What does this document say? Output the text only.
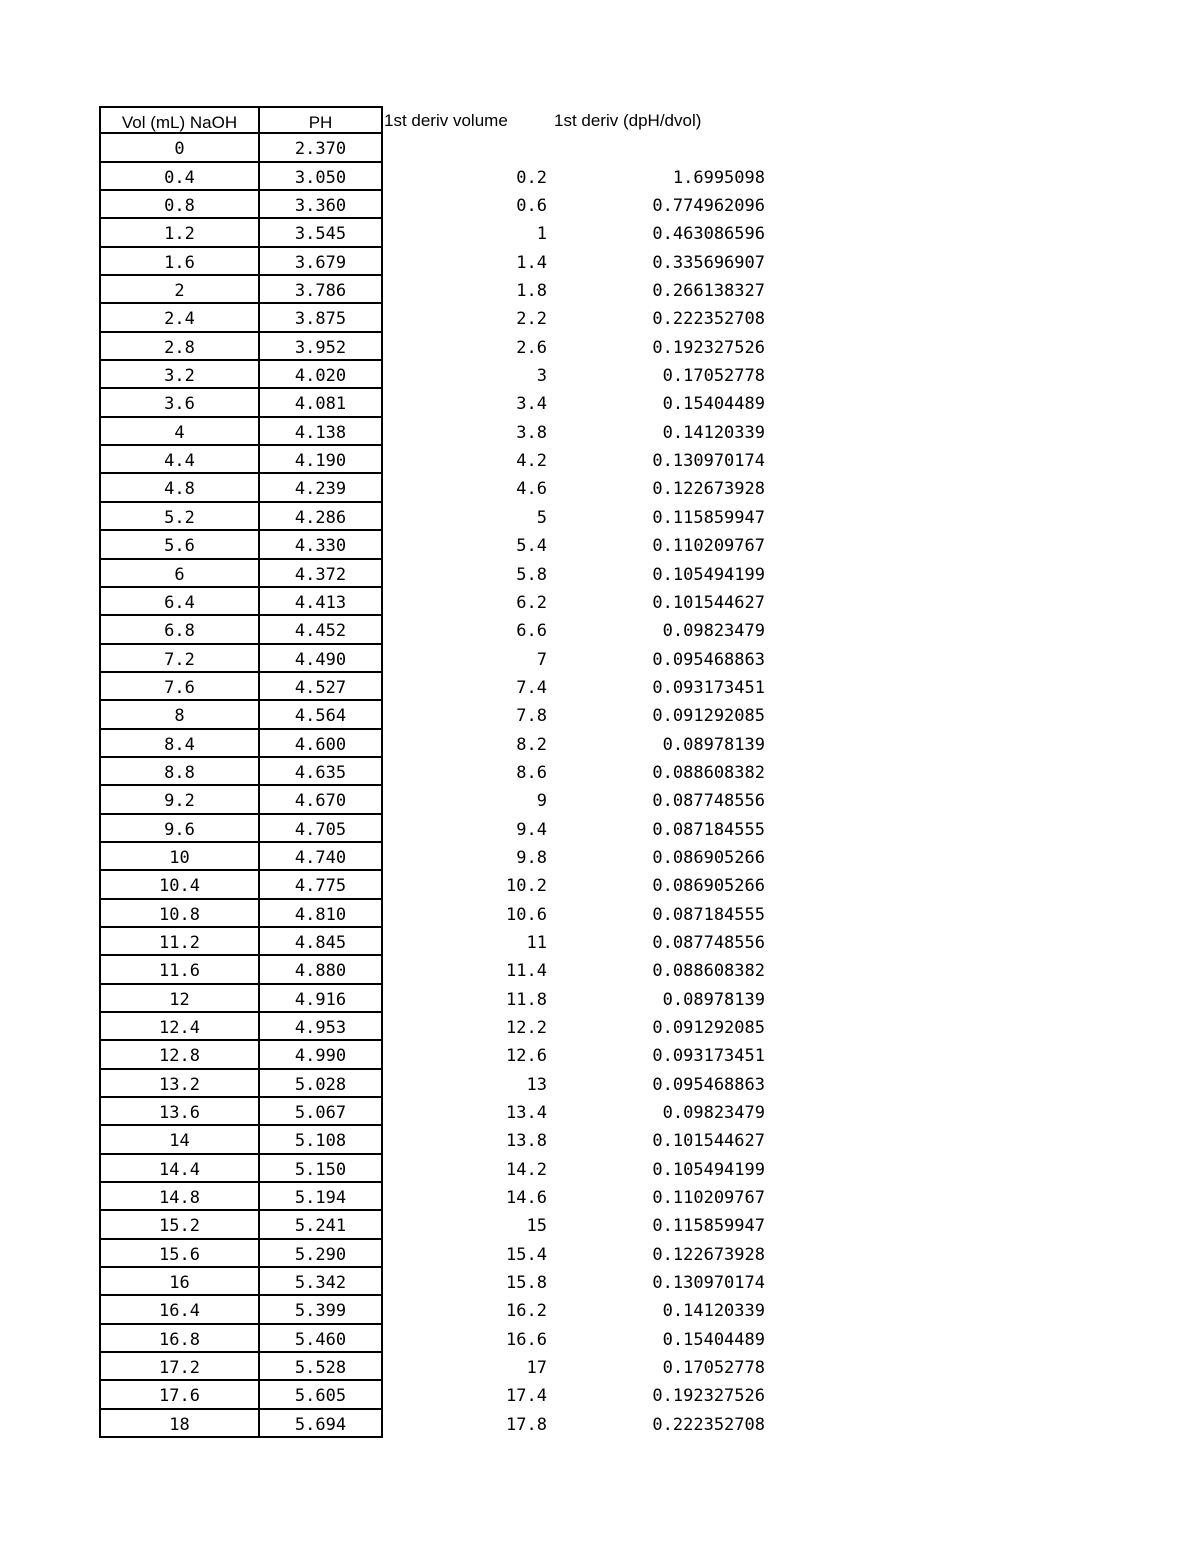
Vol (mL) NaOH	PH	1st deriv volume	1st deriv (dpH/dvol)
0	2.370
0.4	3.050	0.2	1.6995098
0.8	3.360	0.6	0.774962096
1.2	3.545	1	0.463086596
1.6	3.679	1.4	0.335696907
2	3.786	1.8	0.266138327
2.4	3.875	2.2	0.222352708
2.8	3.952	2.6	0.192327526
3.2	4.020	3	0.17052778
3.6	4.081	3.4	0.15404489
4	4.138	3.8	0.14120339
4.4	4.190	4.2	0.130970174
4.8	4.239	4.6	0.122673928
5.2	4.286	5	0.115859947
5.6	4.330	5.4	0.110209767
6	4.372	5.8	0.105494199
6.4	4.413	6.2	0.101544627
6.8	4.452	6.6	0.09823479
7.2	4.490	7	0.095468863
7.6	4.527	7.4	0.093173451
8	4.564	7.8	0.091292085
8.4	4.600	8.2	0.08978139
8.8	4.635	8.6	0.088608382
9.2	4.670	9	0.087748556
9.6	4.705	9.4	0.087184555
10	4.740	9.8	0.086905266
10.4	4.775	10.2	0.086905266
10.8	4.810	10.6	0.087184555
11.2	4.845	11	0.087748556
11.6	4.880	11.4	0.088608382
12	4.916	11.8	0.08978139
12.4	4.953	12.2	0.091292085
12.8	4.990	12.6	0.093173451
13.2	5.028	13	0.095468863
13.6	5.067	13.4	0.09823479
14	5.108	13.8	0.101544627
14.4	5.150	14.2	0.105494199
14.8	5.194	14.6	0.110209767
15.2	5.241	15	0.115859947
15.6	5.290	15.4	0.122673928
16	5.342	15.8	0.130970174
16.4	5.399	16.2	0.14120339
16.8	5.460	16.6	0.15404489
17.2	5.528	17	0.17052778
17.6	5.605	17.4	0.192327526
18	5.694	17.8	0.222352708
